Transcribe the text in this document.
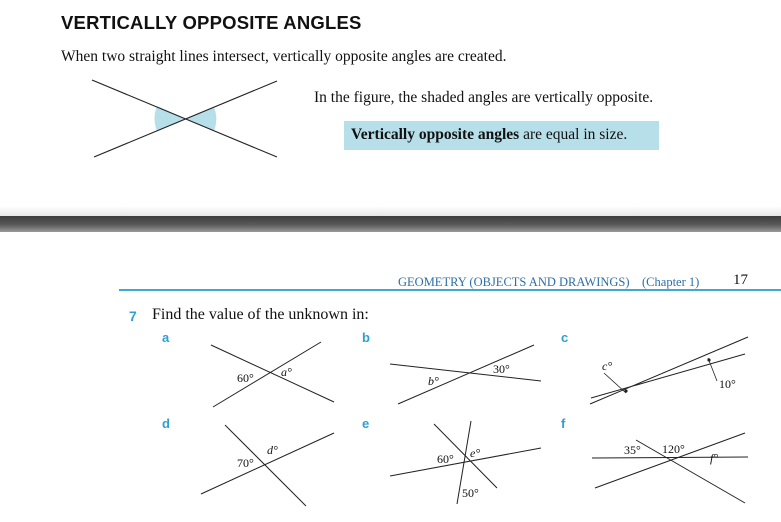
VERTICALLY OPPOSITE ANGLES
When two straight lines intersect, vertically opposite angles are created.
In the figure, the shaded angles are vertically opposite.
Vertically opposite angles are equal in size.
GEOMETRY (OBJECTS AND DRAWINGS)    (Chapter 1) 17
7 Find the value of the unknown in:
a	b	c
d	e	f
60° a°	30°
b°
c°
10°
70°
d°
60° e°
50°
35° 120°
f°
